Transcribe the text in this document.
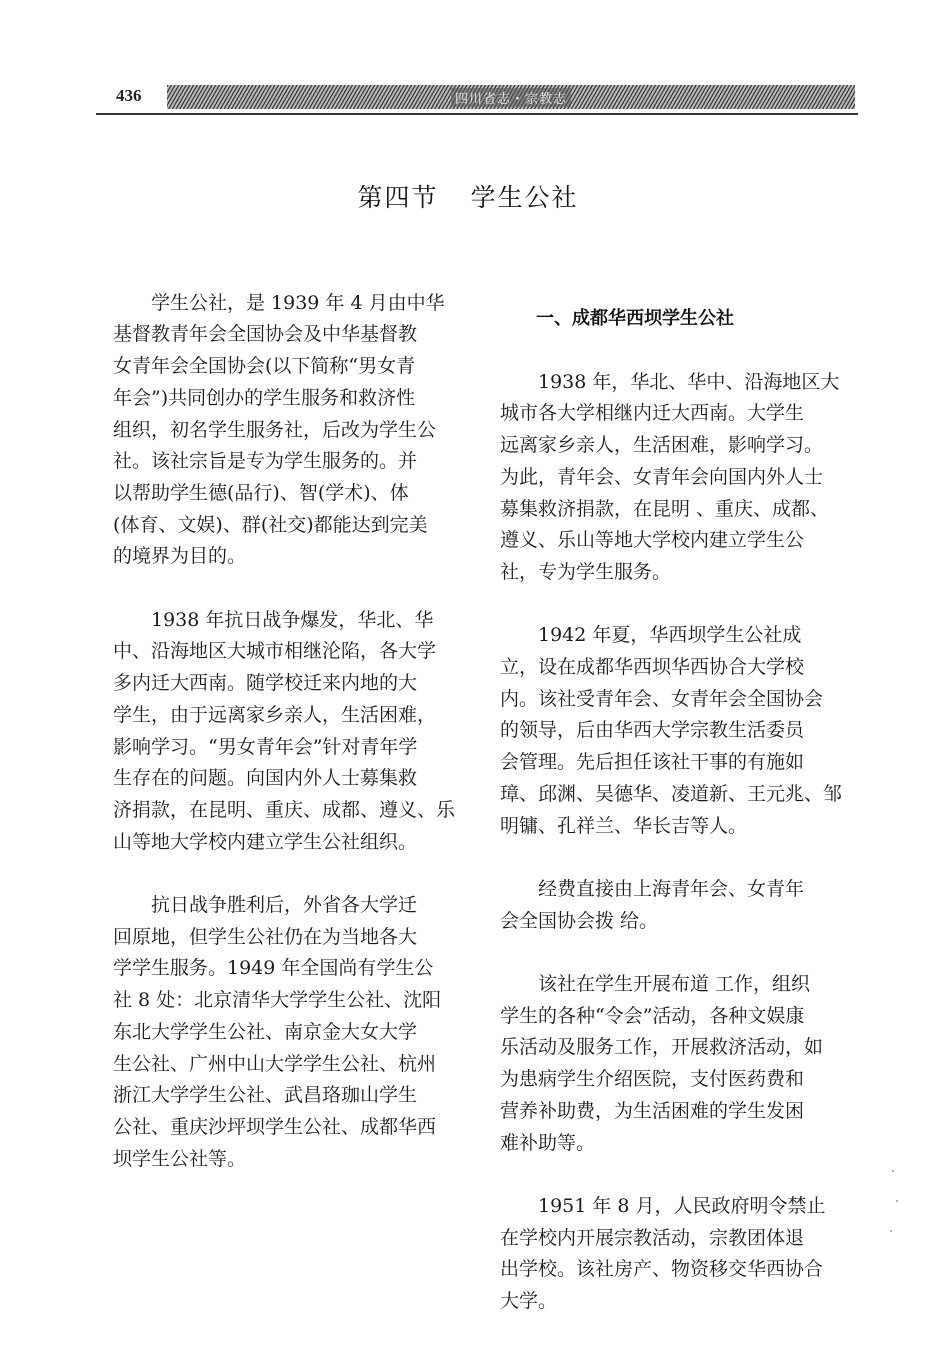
436	四川省志・宗教志
第四节 学生公社

　　学生公社，是 1939 年 4 月由中华
基督教青年会全国协会及中华基督教
女青年会全国协会(以下简称“男女青
年会”)共同创办的学生服务和救济性
组织，初名学生服务社，后改为学生公
社。该社宗旨是专为学生服务的。并
以帮助学生德(品行)、智(学术)、体
(体育、文娱)、群(社交)都能达到完美
的境界为目的。

　　1938 年抗日战争爆发，华北、华
中、沿海地区大城市相继沦陷，各大学
多内迁大西南。随学校迁来内地的大
学生，由于远离家乡亲人，生活困难，
影响学习。“男女青年会”针对青年学
生存在的问题。向国内外人士募集救
济捐款，在昆明、重庆、成都、遵义、乐
山等地大学校内建立学生公社组织。

　　抗日战争胜利后，外省各大学迁
回原地，但学生公社仍在为当地各大
学学生服务。1949 年全国尚有学生公
社 8 处：北京清华大学学生公社、沈阳
东北大学学生公社、南京金大女大学
生公社、广州中山大学学生公社、杭州
浙江大学学生公社、武昌珞珈山学生
公社、重庆沙坪坝学生公社、成都华西
坝学生公社等。

一、成都华西坝学生公社

　　1938 年，华北、华中、沿海地区大
城市各大学相继内迁大西南。大学生
远离家乡亲人，生活困难，影响学习。
为此，青年会、女青年会向国内外人士
募集救济捐款，在昆明 、重庆、成都、
遵义、乐山等地大学校内建立学生公
社，专为学生服务。

　　1942 年夏，华西坝学生公社成
立，设在成都华西坝华西协合大学校
内。该社受青年会、女青年会全国协会
的领导，后由华西大学宗教生活委员
会管理。先后担任该社干事的有施如
璋、邱渊、吴德华、凌道新、王元兆、邹
明镛、孔祥兰、华长吉等人。

　　经费直接由上海青年会、女青年
会全国协会拨 给。

　　该社在学生开展布道 工作，组织
学生的各种“令会”活动，各种文娱康
乐活动及服务工作，开展救济活动，如
为患病学生介绍医院，支付医药费和
营养补助费，为生活困难的学生发困
难补助等。

　　1951 年 8 月，人民政府明令禁止
在学校内开展宗教活动，宗教团体退
出学校。该社房产、物资移交华西协合
大学。
